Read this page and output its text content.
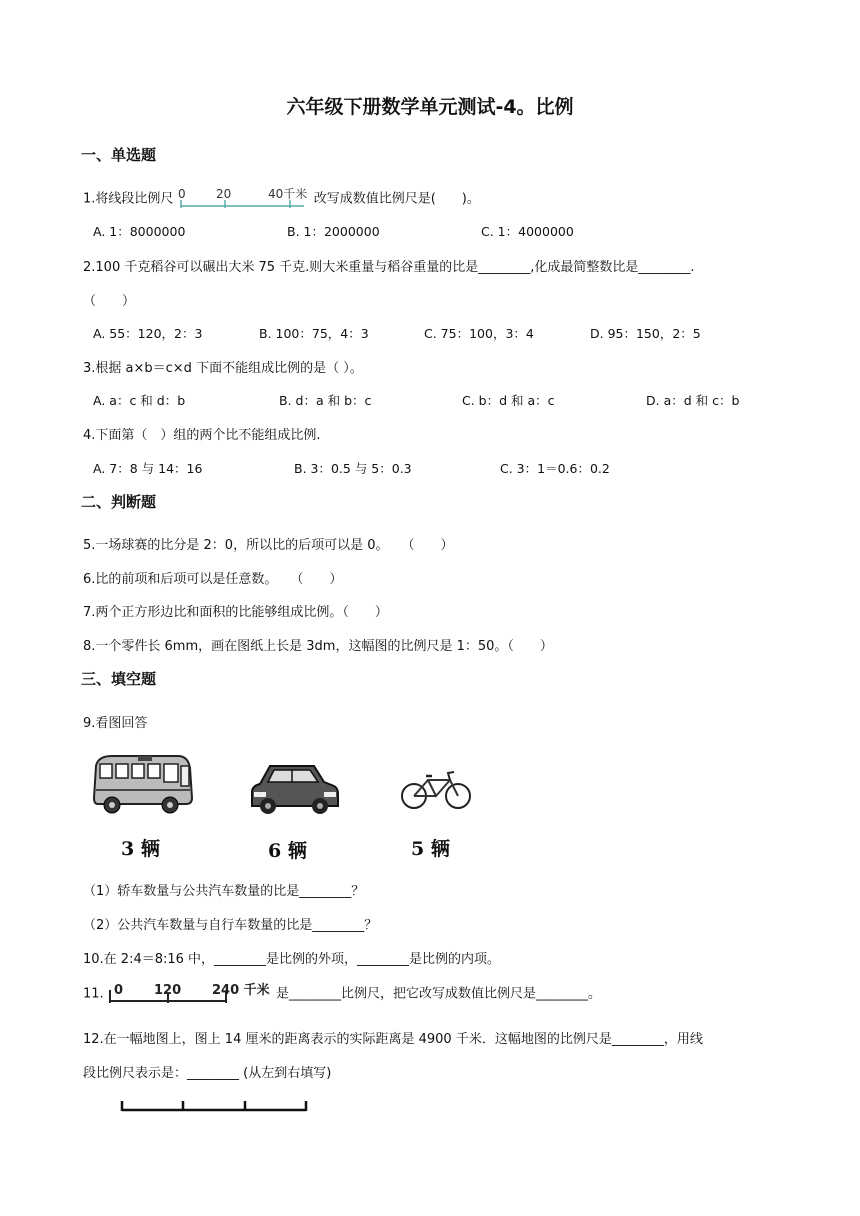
六年级下册数学单元测试-4。比例
一、单选题
1.将线段比例尺 0	20	40千米 改写成数值比例尺是(　　)。
A. 1：8000000	B. 1：2000000	C. 1：4000000
2.100 千克稻谷可以碾出大米 75 千克.则大米重量与稻谷重量的比是________,化成最简整数比是________.
（　　）
A. 55：120，2：3	B. 100：75，4：3	C. 75：100，3：4	D. 95：150，2：5
3.根据 a×b＝c×d 下面不能组成比例的是（ ）。
A. a：c 和 d：b	B. d：a 和 b：c	C. b：d 和 a：c	D. a：d 和 c：b
4.下面第（　）组的两个比不能组成比例.
A. 7：8 与 14：16	B. 3：0.5 与 5：0.3	C. 3：1＝0.6：0.2
二、判断题
5.一场球赛的比分是 2：0，所以比的后项可以是 0。　　（　　）
6.比的前项和后项可以是任意数。　　（　　）
7.两个正方形边比和面积的比能够组成比例。（　　）
8.一个零件长 6mm，画在图纸上长是 3dm，这幅图的比例尺是 1：50。（　　）
三、填空题
9.看图回答
3 辆	6 辆	5 辆
（1）轿车数量与公共汽车数量的比是________？
（2）公共汽车数量与自行车数量的比是________？
10.在 2:4＝8:16 中，________是比例的外项，________是比例的内项。
11. 0 120 240 千米 是________比例尺，把它改写成数值比例尺是________。
12.在一幅地图上，图上 14 厘米的距离表示的实际距离是 4900 千米．这幅地图的比例尺是________，用线
段比例尺表示是：________ (从左到右填写)
